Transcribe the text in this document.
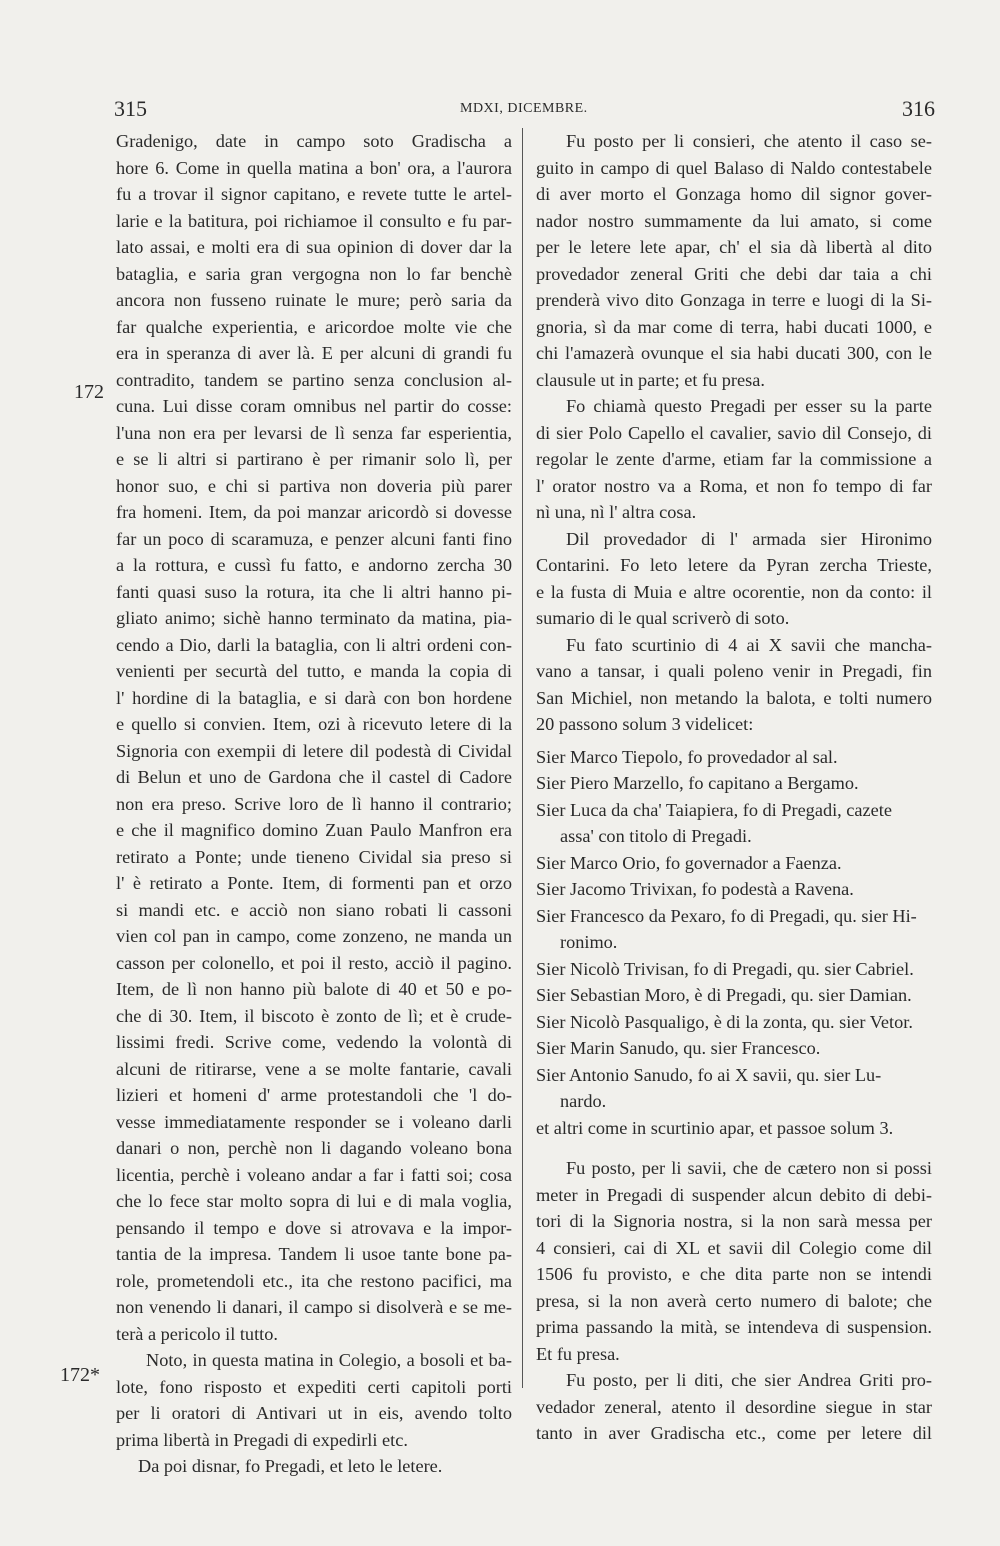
315	MDXI, DICEMBRE.	316
172
172*
Gradenigo, date in campo soto Gradischa a
hore 6. Come in quella matina a bon' ora, a l'aurora
fu a trovar il signor capitano, e revete tutte le artel-
larie e la batitura, poi richiamoe il consulto e fu par-
lato assai, e molti era di sua opinion di dover dar la
bataglia, e saria gran vergogna non lo far benchè
ancora non fusseno ruinate le mure; però saria da
far qualche experientia, e aricordoe molte vie che
era in speranza di aver là. E per alcuni di grandi fu
contradito, tandem se partino senza conclusion al-
cuna. Lui disse coram omnibus nel partir do cosse:
l'una non era per levarsi de lì senza far esperientia,
e se li altri si partirano è per rimanir solo lì, per
honor suo, e chi si partiva non doveria più parer
fra homeni. Item, da poi manzar aricordò si dovesse
far un poco di scaramuza, e penzer alcuni fanti fino
a la rottura, e cussì fu fatto, e andorno zercha 30
fanti quasi suso la rotura, ita che li altri hanno pi-
gliato animo; sichè hanno terminato da matina, pia-
cendo a Dio, darli la bataglia, con li altri ordeni con-
venienti per securtà del tutto, e manda la copia di
l' hordine di la bataglia, e si darà con bon hordene
e quello si convien. Item, ozi à ricevuto letere di la
Signoria con exempii di letere dil podestà di Cividal
di Belun et uno de Gardona che il castel di Cadore
non era preso. Scrive loro de lì hanno il contrario;
e che il magnifico domino Zuan Paulo Manfron era
retirato a Ponte; unde tieneno Cividal sia preso si
l' è retirato a Ponte. Item, di formenti pan et orzo
si mandi etc. e acciò non siano robati li cassoni
vien col pan in campo, come zonzeno, ne manda un
casson per colonello, et poi il resto, acciò il pagino.
Item, de lì non hanno più balote di 40 et 50 e po-
che di 30. Item, il biscoto è zonto de lì; et è crude-
lissimi fredi. Scrive come, vedendo la volontà di
alcuni de ritirarse, vene a se molte fantarie, cavali
lizieri et homeni d' arme protestandoli che 'l do-
vesse immediatamente responder se i voleano darli
danari o non, perchè non li dagando voleano bona
licentia, perchè i voleano andar a far i fatti soi; cosa
che lo fece star molto sopra di lui e di mala voglia,
pensando il tempo e dove si atrovava e la impor-
tantia de la impresa. Tandem li usoe tante bone pa-
role, prometendoli etc., ita che restono pacifici, ma
non venendo li danari, il campo si disolverà e se me-
terà a pericolo il tutto.
Noto, in questa matina in Colegio, a bosoli et ba-
lote, fono risposto et expediti certi capitoli porti
per li oratori di Antivari ut in eis, avendo tolto
prima libertà in Pregadi di expedirli etc.
Da poi disnar, fo Pregadi, et leto le letere.
Fu posto per li consieri, che atento il caso se-
guito in campo di quel Balaso di Naldo contestabele
di aver morto el Gonzaga homo dil signor gover-
nador nostro summamente da lui amato, si come
per le letere lete apar, ch' el sia dà libertà al dito
provedador zeneral Griti che debi dar taia a chi
prenderà vivo dito Gonzaga in terre e luogi di la Si-
gnoria, sì da mar come di terra, habi ducati 1000, e
chi l'amazerà ovunque el sia habi ducati 300, con le
clausule ut in parte; et fu presa.
Fo chiamà questo Pregadi per esser su la parte
di sier Polo Capello el cavalier, savio dil Consejo, di
regolar le zente d'arme, etiam far la commissione a
l' orator nostro va a Roma, et non fo tempo di far
nì una, nì l' altra cosa.
Dil provedador di l' armada sier Hironimo
Contarini. Fo leto letere da Pyran zercha Trieste,
e la fusta di Muia e altre ocorentie, non da conto: il
sumario di le qual scriverò di soto.
Fu fato scurtinio di 4 ai X savii che mancha-
vano a tansar, i quali poleno venir in Pregadi, fin
San Michiel, non metando la balota, e tolti numero
20 passono solum 3 videlicet:
Sier Marco Tiepolo, fo provedador al sal.
Sier Piero Marzello, fo capitano a Bergamo.
Sier Luca da cha' Taiapiera, fo di Pregadi, cazete
assa' con titolo di Pregadi.
Sier Marco Orio, fo governador a Faenza.
Sier Jacomo Trivixan, fo podestà a Ravena.
Sier Francesco da Pexaro, fo di Pregadi, qu. sier Hi-
ronimo.
Sier Nicolò Trivisan, fo di Pregadi, qu. sier Cabriel.
Sier Sebastian Moro, è di Pregadi, qu. sier Damian.
Sier Nicolò Pasqualigo, è di la zonta, qu. sier Vetor.
Sier Marin Sanudo, qu. sier Francesco.
Sier Antonio Sanudo, fo ai X savii, qu. sier Lu-
nardo.
et altri come in scurtinio apar, et passoe solum 3.
Fu posto, per li savii, che de cætero non si possi
meter in Pregadi di suspender alcun debito di debi-
tori di la Signoria nostra, si la non sarà messa per
4 consieri, cai di XL et savii dil Colegio come dil
1506 fu provisto, e che dita parte non se intendi
presa, si la non averà certo numero di balote; che
prima passando la mità, se intendeva di suspension.
Et fu presa.
Fu posto, per li diti, che sier Andrea Griti pro-
vedador zeneral, atento il desordine siegue in star
tanto in aver Gradischa etc., come per letere dil
